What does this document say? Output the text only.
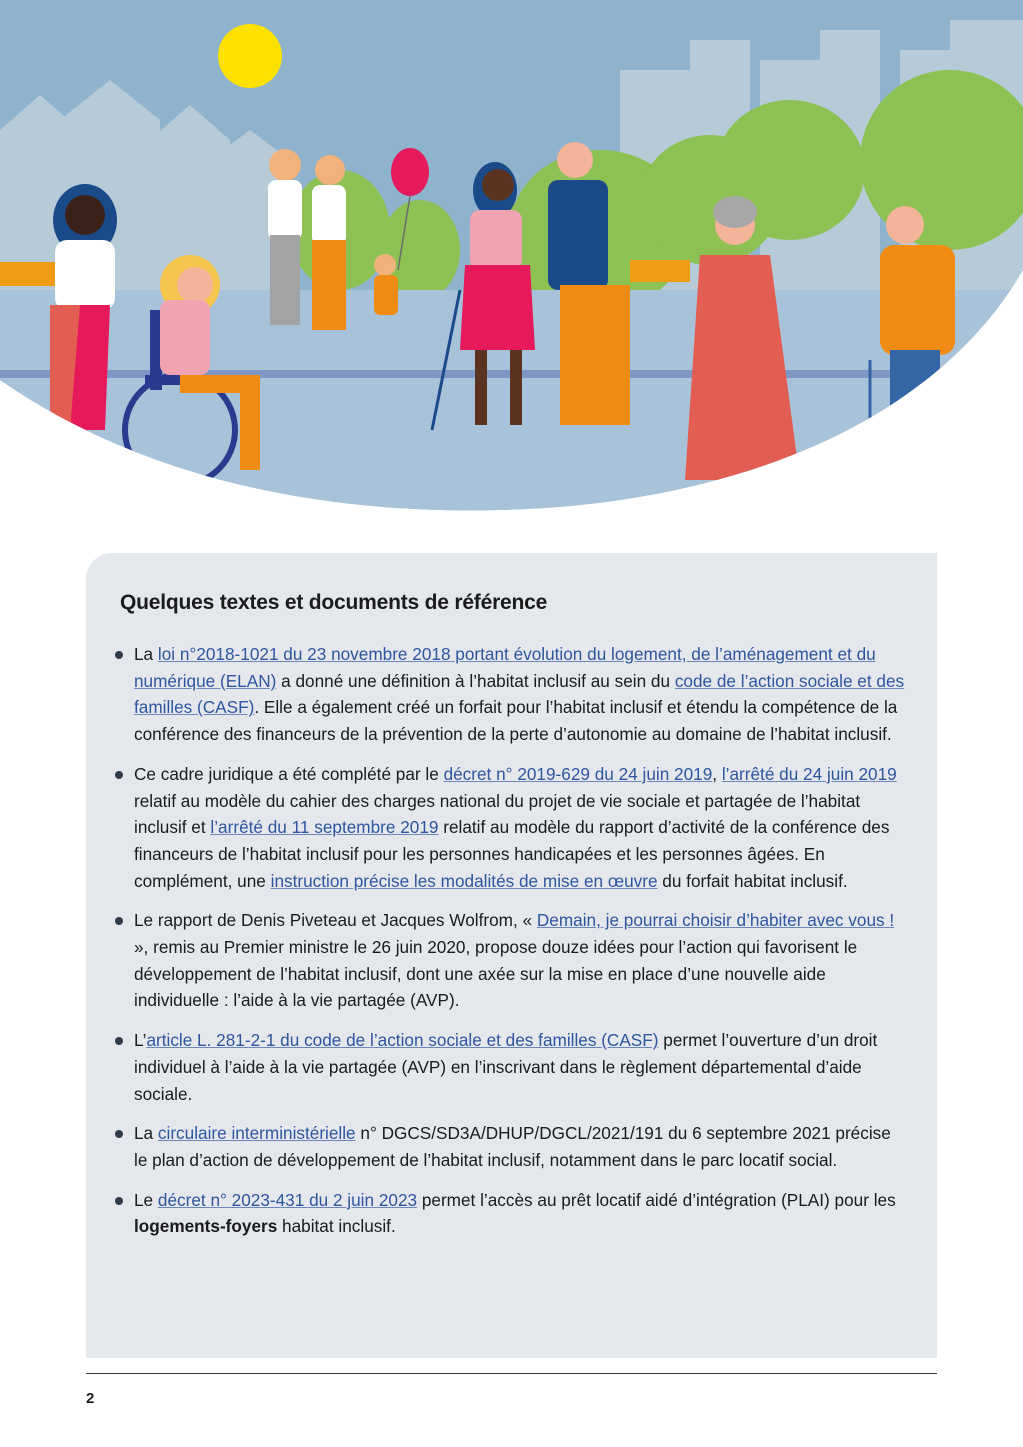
Quelques textes et documents de référence
La loi n°2018-1021 du 23 novembre 2018 portant évolution du logement, de l’aménagement et du numérique (ELAN) a donné une définition à l’habitat inclusif au sein du code de l’action sociale et des familles (CASF). Elle a également créé un forfait pour l’habitat inclusif et étendu la compétence de la conférence des financeurs de la prévention de la perte d’autonomie au domaine de l’habitat inclusif.
Ce cadre juridique a été complété par le décret n° 2019-629 du 24 juin 2019, l’arrêté du 24 juin 2019 relatif au modèle du cahier des charges national du projet de vie sociale et partagée de l’habitat inclusif et l’arrêté du 11 septembre 2019 relatif au modèle du rapport d’activité de la conférence des financeurs de l’habitat inclusif pour les personnes handicapées et les personnes âgées. En complément, une instruction précise les modalités de mise en œuvre du forfait habitat inclusif.
Le rapport de Denis Piveteau et Jacques Wolfrom, « Demain, je pourrai choisir d’habiter avec vous ! », remis au Premier ministre le 26 juin 2020, propose douze idées pour l’action qui favorisent le développement de l’habitat inclusif, dont une axée sur la mise en place d’une nouvelle aide individuelle : l’aide à la vie partagée (AVP).
L’article L. 281-2-1 du code de l’action sociale et des familles (CASF) permet l’ouverture d’un droit individuel à l’aide à la vie partagée (AVP) en l’inscrivant dans le règlement départemental d’aide sociale.
La circulaire interministérielle n° DGCS/SD3A/DHUP/DGCL/2021/191 du 6 septembre 2021 précise le plan d’action de développement de l’habitat inclusif, notamment dans le parc locatif social.
Le décret n° 2023-431 du 2 juin 2023 permet l’accès au prêt locatif aidé d’intégration (PLAI) pour les logements-foyers habitat inclusif.
2
